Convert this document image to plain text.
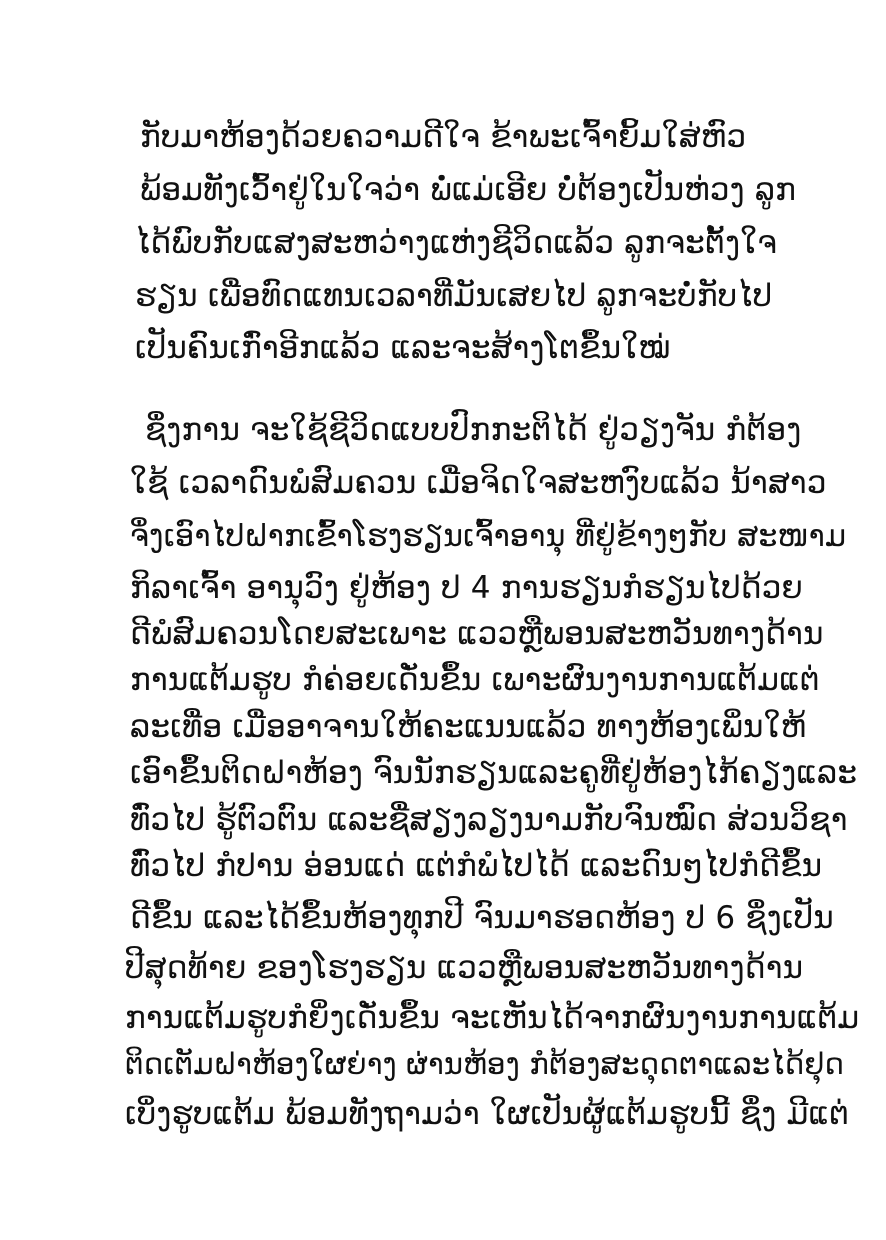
ກັບມາຫ້ອງດ້ວຍຄວາມດີໃຈ ຂ້າພະເຈົ້າຍິ້ມໃສ່ຫົວ
ພ້ອມທັງເວົ້າຢູ່ໃນໃຈວ່າ ພໍ່ແມ່ເອີຍ ບໍ່ຕ້ອງເປັນຫ່ວງ ລູກ
ໄດ້ພົບກັບແສງສະຫວ່າງແຫ່ງຊີວິດແລ້ວ ລູກຈະຕັ້ງໃຈ
ຮຽນ ເພື່ອທົດແທນເວລາທີ່ມັນເສຍໄປ ລູກຈະບໍ່ກັບໄປ
ເປັນຄົນເກົ່າອີກແລ້ວ ແລະຈະສ້າງໂຕຂຶ້ນໃໝ່
ຊຶ່ງການ ຈະໃຊ້ຊີວິດແບບປົກກະຕິໄດ້ ຢູ່ວຽງຈັນ ກໍຕ້ອງ
ໃຊ້ ເວລາດົນພໍສົມຄວນ ເມື່ອຈິດໃຈສະຫງົບແລ້ວ ນ້າສາວ
ຈຶ່ງເອົາໄປຝາກເຂົ້າໂຮງຮຽນເຈົ້າອານຸ ທີ່ຢູ່ຂ້າງໆກັບ ສະໜາມ
ກິລາເຈົ້າ ອານຸວົງ ຢູ່ຫ້ອງ ປ 4 ການຮຽນກໍຮຽນໄປດ້ວຍ
ດີພໍສົມຄວນໂດຍສະເພາະ ແວວຫຼືພອນສະຫວັນທາງດ້ານ
ການແຕ້ມຮູບ ກໍຄ່ອຍເດັ່ນຂຶ້ນ ເພາະຜົນງານການແຕ້ມແຕ່
ລະເທື່ອ ເມື່ອອາຈານໃຫ້ຄະແນນແລ້ວ ທາງຫ້ອງເພິ່ນໃຫ້
ເອົາຂຶ້ນຕິດຝາຫ້ອງ ຈົນນັກຮຽນແລະຄູທີ່ຢູ່ຫ້ອງໄກ້ຄຽງແລະ
ທົ່ວໄປ ຮູ້ຕົວຕົນ ແລະຊື່ສຽງລຽງນາມກັບຈົນໝົດ ສ່ວນວິຊາ
ທົ່ວໄປ ກໍປານ ອ່ອນແດ່ ແຕ່ກໍພໍໄປໄດ້ ແລະດົນໆໄປກໍດີຂຶ້ນ
ດີຂຶ້ນ ແລະໄດ້ຂຶ້ນຫ້ອງທຸກປີ ຈົນມາຮອດຫ້ອງ ປ 6 ຊຶ່ງເປັນ
ປີສຸດທ້າຍ ຂອງໂຮງຮຽນ ແວວຫຼືພອນສະຫວັນທາງດ້ານ
ການແຕ້ມຮູບກໍຍິ່ງເດັ່ນຂຶ້ນ ຈະເຫັນໄດ້ຈາກຜົນງານການແຕ້ມ
ຕິດເຕັມຝາຫ້ອງໃຜຍ່າງ ຜ່ານຫ້ອງ ກໍຕ້ອງສະດຸດຕາແລະໄດ້ຢຸດ
ເບິ່ງຮູບແຕ້ມ ພ້ອມທັງຖາມວ່າ ໃຜເປັນຜູ້ແຕ້ມຮູບນີ້ ຊຶ່ງ ມີແຕ່
